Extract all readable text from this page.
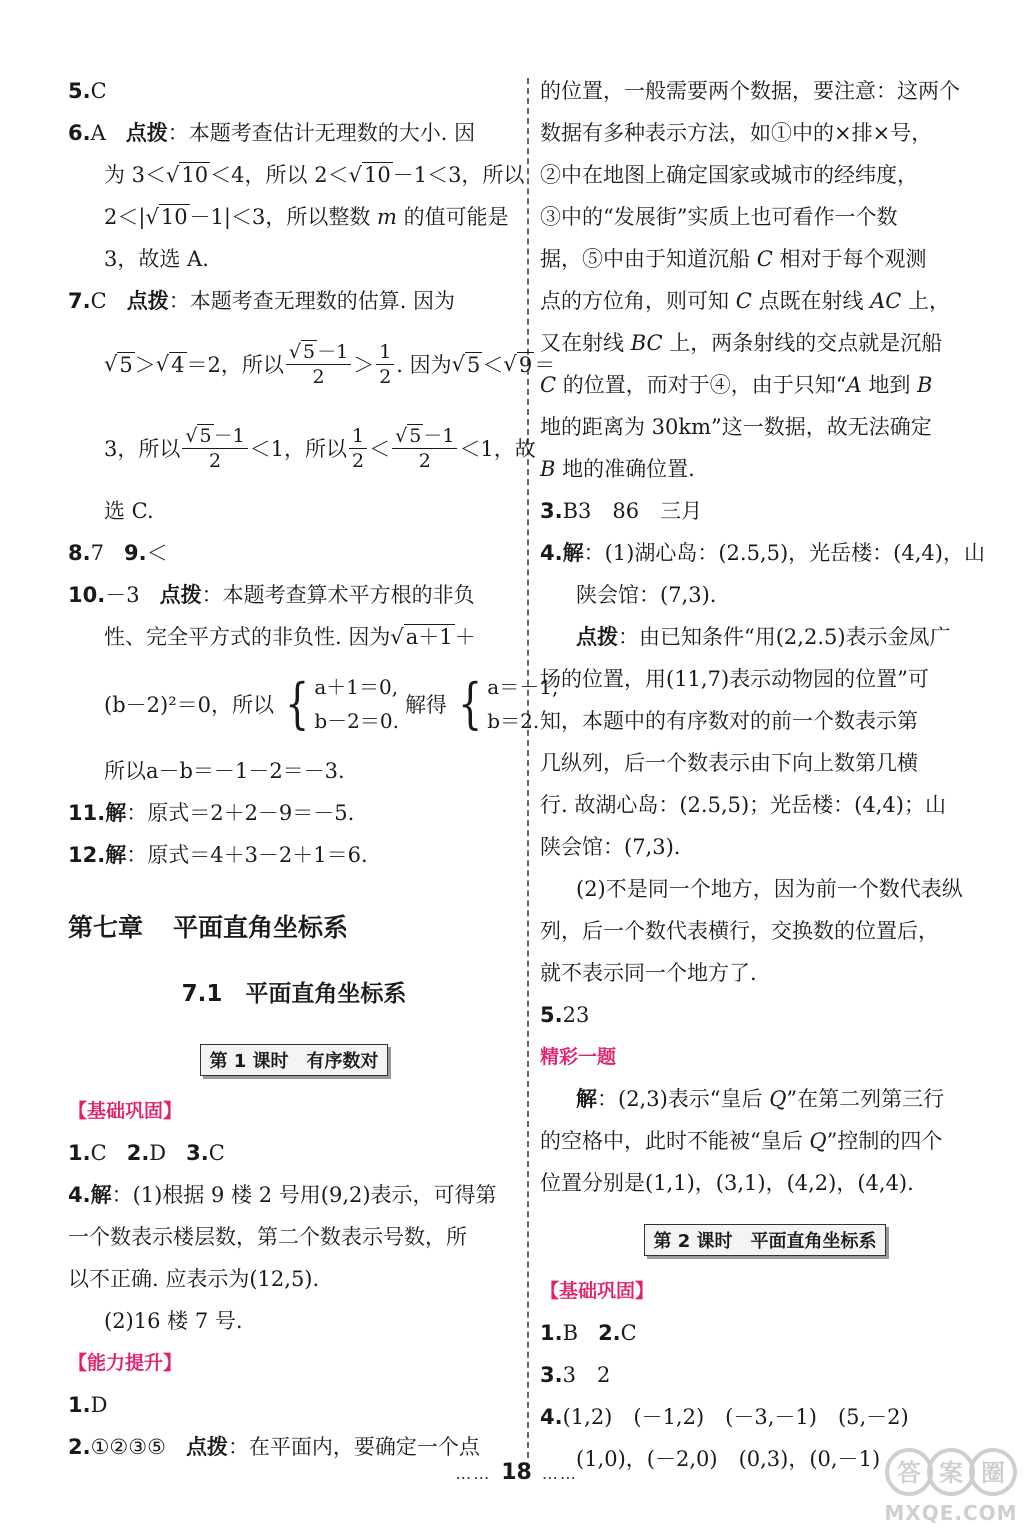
5.C
6.A 点拨：本题考查估计无理数的大小. 因
为 3＜√10＜4，所以 2＜√10－1＜3，所以
2＜|√10－1|＜3，所以整数 m 的值可能是
3，故选 A.
7.C 点拨：本题考查无理数的估算. 因为
√ 5 ＞ √ 4 ＝2，所以 $\frac{√ 5 -1}{2} > \frac{1}{2}$ . 因为 √ 5 ＜ √ 9 ＝
3，所以 $\frac{√ 5 -1}{2} <1$，所以 $\frac{1}{2} < \frac{√ 5 -1}{2} <1$，故
选 C.
8.7 9.＜
10.－3 点拨：本题考查算术平方根的非负
性、完全平方式的非负性. 因为√a＋1＋
(b－2)²＝0，所以 { a＋1＝0,
b－2＝0.
解得 { a＝－1,
b＝2.
所以a－b＝－1－2＝－3.
11.解：原式＝2＋2－9＝－5.
12.解：原式＝4＋3－2＋1＝6.
第七章 平面直角坐标系
7.1　平面直角坐标系
第 1 课时 有序数对
【基础巩固】
1.C 2.D 3.C
4.解：(1)根据 9 楼 2 号用(9,2)表示，可得第
一个数表示楼层数，第二个数表示号数，所
以不正确. 应表示为(12,5).
(2)16 楼 7 号.
【能力提升】
1.D
2.①②③⑤ 点拨：在平面内，要确定一个点
的位置，一般需要两个数据，要注意：这两个
数据有多种表示方法，如①中的×排×号，
②中在地图上确定国家或城市的经纬度，
③中的“发展街”实质上也可看作一个数
据，⑤中由于知道沉船 C 相对于每个观测
点的方位角，则可知 C 点既在射线 AC 上，
又在射线 BC 上，两条射线的交点就是沉船
C 的位置，而对于④，由于只知“A 地到 B
地的距离为 30km”这一数据，故无法确定
B 地的准确位置.
3.B3　86　三月
4.解：(1)湖心岛：(2.5,5)，光岳楼：(4,4)，山
陕会馆：(7,3).
点拨：由已知条件“用(2,2.5)表示金凤广
场的位置，用(11,7)表示动物园的位置”可
知，本题中的有序数对的前一个数表示第
几纵列，后一个数表示由下向上数第几横
行. 故湖心岛：(2.5,5)；光岳楼：(4,4)；山
陕会馆：(7,3).
(2)不是同一个地方，因为前一个数代表纵
列，后一个数代表横行，交换数的位置后，
就不表示同一个地方了.
5.23
精彩一题
解：(2,3)表示“皇后 Q”在第二列第三行
的空格中，此时不能被“皇后 Q”控制的四个
位置分别是(1,1)，(3,1)，(4,2)，(4,4).
第 2 课时 平面直角坐标系
【基础巩固】
1.B 2.C
3.3　2
4.(1,2)　(－1,2)　(－3,－1)　(5,－2)
(1,0)，(－2,0)　(0,3)，(0,－1)
…… 18 ……	答 案 圈
MXQE.COM
